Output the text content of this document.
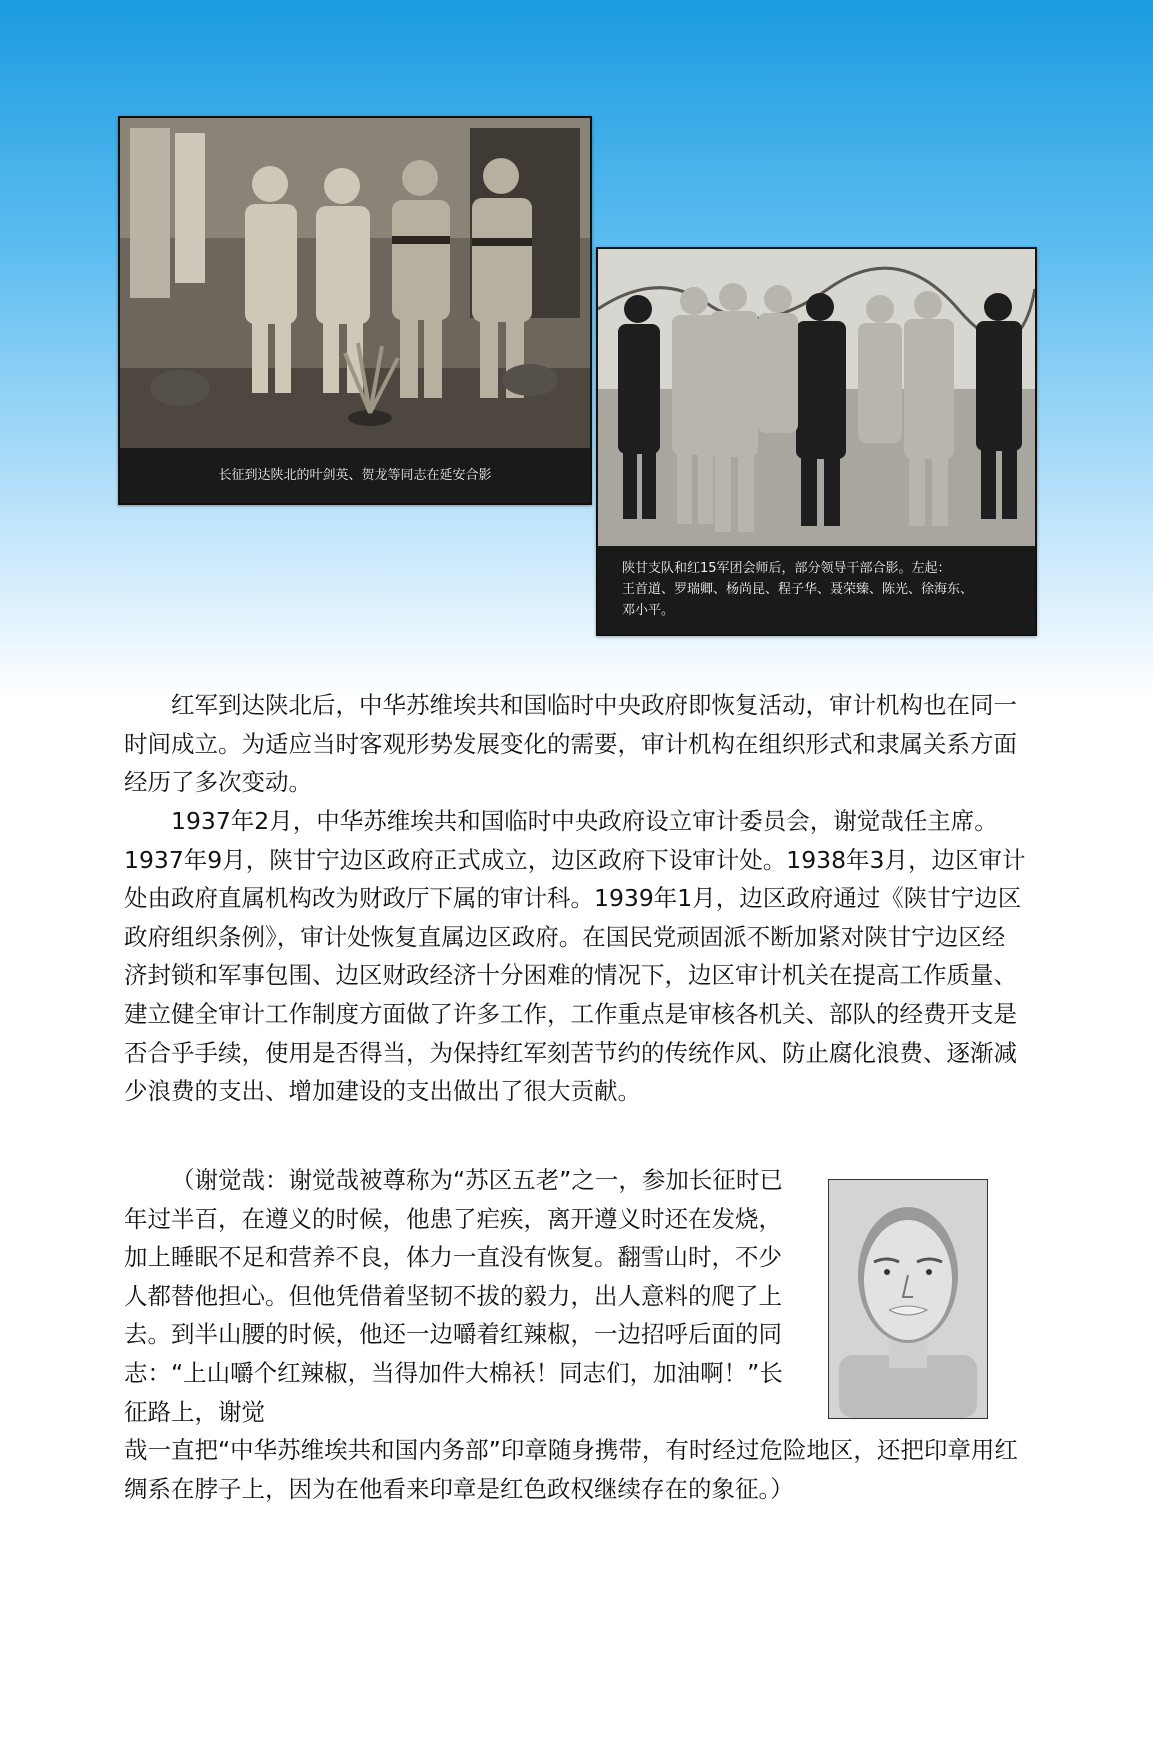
长征到达陕北的叶剑英、贺龙等同志在延安合影
陕甘支队和红15军团会师后，部分领导干部合影。左起：
王首道、罗瑞卿、杨尚昆、程子华、聂荣臻、陈光、徐海东、
邓小平。
红军到达陕北后，中华苏维埃共和国临时中央政府即恢复活动，审计机构也在同一时间成立。为适应当时客观形势发展变化的需要，审计机构在组织形式和隶属关系方面经历了多次变动。
1937年2月，中华苏维埃共和国临时中央政府设立审计委员会，谢觉哉任主席。1937年9月，陕甘宁边区政府正式成立，边区政府下设审计处。1938年3月，边区审计处由政府直属机构改为财政厅下属的审计科。1939年1月，边区政府通过《陕甘宁边区政府组织条例》，审计处恢复直属边区政府。在国民党顽固派不断加紧对陕甘宁边区经济封锁和军事包围、边区财政经济十分困难的情况下，边区审计机关在提高工作质量、建立健全审计工作制度方面做了许多工作，工作重点是审核各机关、部队的经费开支是否合乎手续，使用是否得当，为保持红军刻苦节约的传统作风、防止腐化浪费、逐渐减少浪费的支出、增加建设的支出做出了很大贡献。
（谢觉哉：谢觉哉被尊称为“苏区五老”之一，参加长征时已年过半百，在遵义的时候，他患了疟疾，离开遵义时还在发烧，加上睡眠不足和营养不良，体力一直没有恢复。翻雪山时，不少人都替他担心。但他凭借着坚韧不拔的毅力，出人意料的爬了上去。到半山腰的时候，他还一边嚼着红辣椒，一边招呼后面的同志：“上山嚼个红辣椒，当得加件大棉袄！同志们，加油啊！”长征路上，谢觉
哉一直把“中华苏维埃共和国内务部”印章随身携带，有时经过危险地区，还把印章用红绸系在脖子上，因为在他看来印章是红色政权继续存在的象征。）
